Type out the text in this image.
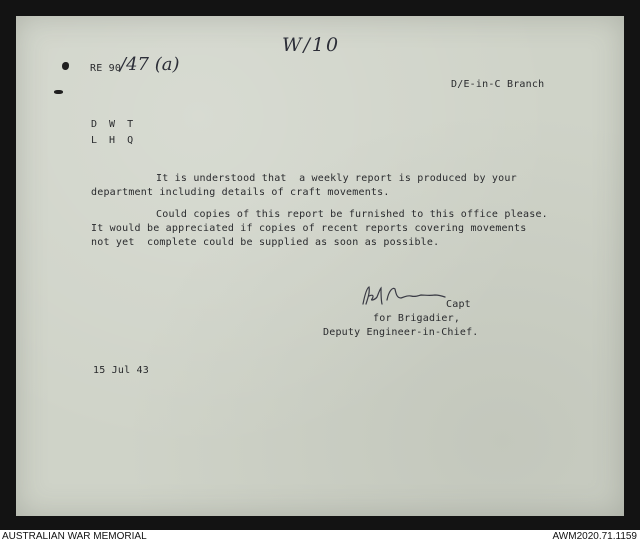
W/10

RE 90

/47 (a)

D/E-in-C Branch

D W T

L H Q

It is understood that  a weekly report is produced by your

department including details of craft movements.

Could copies of this report be furnished to this office please.

It would be appreciated if copies of recent reports covering movements

not yet  complete could be supplied as soon as possible.

Capt

for Brigadier,

Deputy Engineer-in-Chief.

15 Jul 43

AUSTRALIAN WAR MEMORIAL	AWM2020.71.1159
